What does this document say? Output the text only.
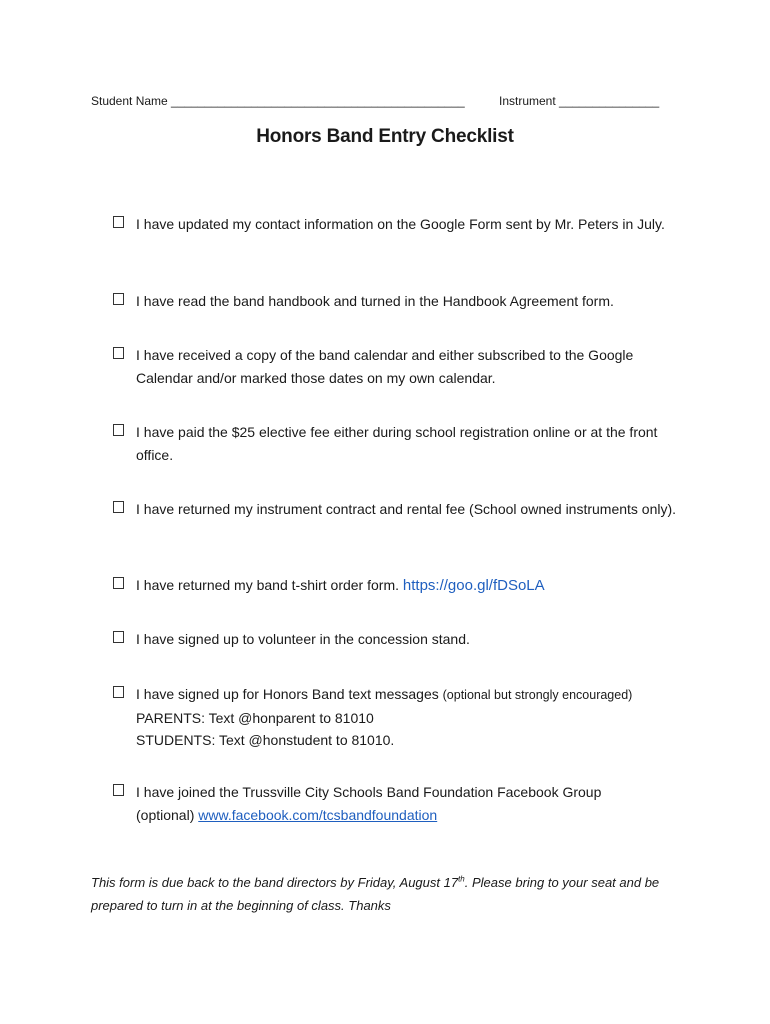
Student Name ____________________________________________	Instrument _______________
Honors Band Entry Checklist
I have updated my contact information on the Google Form sent by Mr. Peters in July.
I have read the band handbook and turned in the Handbook Agreement form.
I have received a copy of the band calendar and either subscribed to the Google Calendar and/or marked those dates on my own calendar.
I have paid the $25 elective fee either during school registration online or at the front office.
I have returned my instrument contract and rental fee (School owned instruments only).
I have returned my band t-shirt order form. https://goo.gl/fDSoLA
I have signed up to volunteer in the concession stand.
I have signed up for Honors Band text messages (optional but strongly encouraged)
PARENTS: Text @honparent to 81010
STUDENTS: Text @honstudent to 81010.
I have joined the Trussville City Schools Band Foundation Facebook Group
(optional) www.facebook.com/tcsbandfoundation
This form is due back to the band directors by Friday, August 17th. Please bring to your seat and be prepared to turn in at the beginning of class. Thanks
